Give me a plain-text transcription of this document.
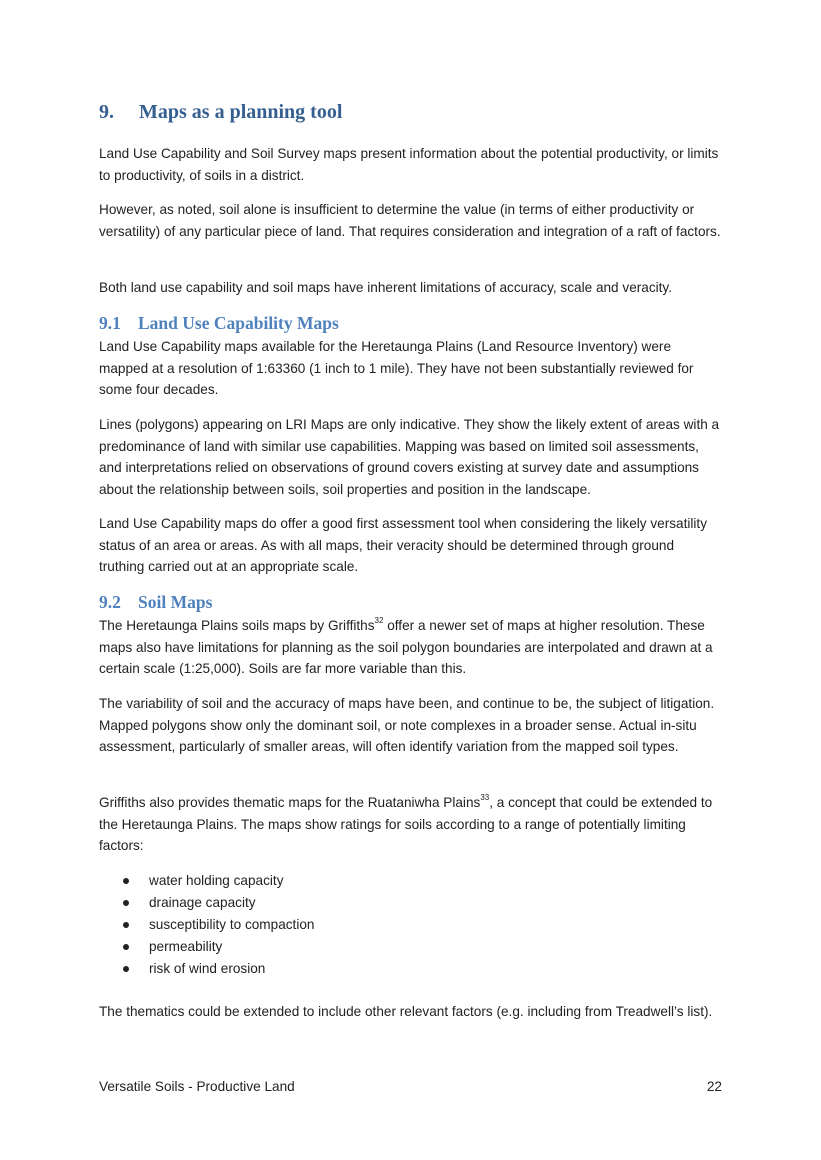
9. Maps as a planning tool

Land Use Capability and Soil Survey maps present information about the potential productivity, or limits to productivity, of soils in a district.

However, as noted, soil alone is insufficient to determine the value (in terms of either productivity or versatility) of any particular piece of land. That requires consideration and integration of a raft of factors.

Both land use capability and soil maps have inherent limitations of accuracy, scale and veracity.

9.1 Land Use Capability Maps

Land Use Capability maps available for the Heretaunga Plains (Land Resource Inventory) were mapped at a resolution of 1:63360 (1 inch to 1 mile). They have not been substantially reviewed for some four decades.

Lines (polygons) appearing on LRI Maps are only indicative. They show the likely extent of areas with a predominance of land with similar use capabilities. Mapping was based on limited soil assessments, and interpretations relied on observations of ground covers existing at survey date and assumptions about the relationship between soils, soil properties and position in the landscape.

Land Use Capability maps do offer a good first assessment tool when considering the likely versatility status of an area or areas. As with all maps, their veracity should be determined through ground truthing carried out at an appropriate scale.

9.2 Soil Maps

The Heretaunga Plains soils maps by Griffiths$^{32}$ offer a newer set of maps at higher resolution. These maps also have limitations for planning as the soil polygon boundaries are interpolated and drawn at a certain scale (1:25,000). Soils are far more variable than this.

The variability of soil and the accuracy of maps have been, and continue to be, the subject of litigation. Mapped polygons show only the dominant soil, or note complexes in a broader sense. Actual in-situ assessment, particularly of smaller areas, will often identify variation from the mapped soil types.

Griffiths also provides thematic maps for the Ruataniwha Plains$^{33}$, a concept that could be extended to the Heretaunga Plains. The maps show ratings for soils according to a range of potentially limiting factors:

water holding capacity
drainage capacity
susceptibility to compaction
permeability
risk of wind erosion

The thematics could be extended to include other relevant factors (e.g. including from Treadwell’s list).

Versatile Soils - Productive Land	22
